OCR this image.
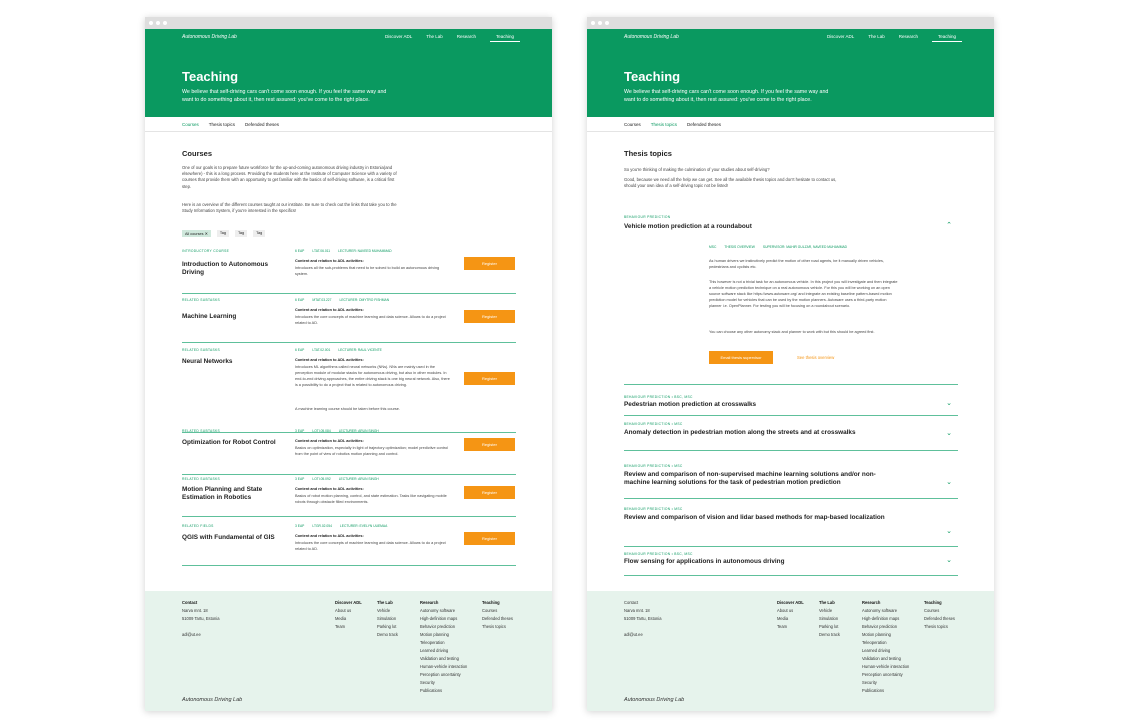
Autonomous Driving Lab	Discover ADL	The Lab	Research	Teaching
Teaching
We believe that self-driving cars can't come soon enough. If you feel the same way and want to do something about it, then rest assured: you've come to the right place.
Courses Thesis topics Defended theses
Courses
One of our goals is to prepare future workforce for the up-and-coming autonomous driving industry in Estonia(and elsewhere) - this is a long process. Providing the students here at the Institute of Computer Science with a variety of courses that provide them with an opportunity to get familiar with the basics of self-driving software, is a critical first step.
Here is an overview of the different courses taught at our institute. Be sure to check out the links that take you to the Study Information System, if you're interested in the specifics!
All courses ✕	Tag	Tag	Tag
INTRODUCTORY COURSE
Introduction to Autonomous Driving
6 EAP LTAT.06.011 LECTURER: NAVEED MUHAMMAD
Content and relation to ADL activities:
Introduces all the sub-problems that need to be solved to build an autonomous driving system.
Register
RELATED SUBTASKS
Machine Learning
6 EAP MTAT.03.227 LECTURER: DMYTRO FISHMAN
Content and relation to ADL activities:
Introduces the core concepts of machine learning and data science. Allows to do a project related to AD.
Register
RELATED SUBTASKS
Neural Networks
6 EAP LTAT.02.001 LECTURER: RAUL VICENTE
Content and relation to ADL activities:
Introduces ML algorithms called neural networks (NNs). NNs are mainly used in the perception module of modular stacks for autonomous driving, but also in other modules. In end-to-end driving approaches, the entire driving stack is one big neural network. Also, there is a possibility to do a project that is related to autonomous driving.
A machine learning course should be taken before this course.
Register
RELATED SUBTASKS
Optimization for Robot Control
3 EAP LOTI.05.084 LECTURER: ARUN SINGH
Content and relation to ADL activities:
Basics on optimization, especially in light of trajectory optimization; model predictive control from the point of view of robotics motion planning and control.
Register
RELATED SUBTASKS
Motion Planning and State Estimation in Robotics
3 EAP LOTI.05.092 LECTURER: ARUN SINGH
Content and relation to ADL activities:
Basics of robot motion planning, control, and state estimation. Tasks like navigating mobile robots through obstacle filled environments.
Register
RELATED FIELDS
QGIS with Fundamental of GIS
3 EAP LTGR.02.054 LECTURER: EVELYN UUEMAA
Content and relation to ADL activities:
Introduces the core concepts of machine learning and data science. Allows to do a project related to AD.
Register
Contact
Narva mnt. 18
51009 Tartu, Estonia

adl@ut.ee
Discover ADL
About us
Media
Team
The Lab
Vehicle
Simulation
Parking lot
Demo track
Research
Autonomy software
High-definition maps
Behavior prediction
Motion planning
Teleoperation
Learned driving
Validation and testing
Human-vehicle interaction
Perception uncertainty
Security
Publications
Teaching
Courses
Defended theses
Thesis topics
Autonomous Driving Lab
Autonomous Driving Lab	Discover ADL	The Lab	Research	Teaching
Teaching
We believe that self-driving cars can't come soon enough. If you feel the same way and want to do something about it, then rest assured: you've come to the right place.
Courses Thesis topics Defended theses
Thesis topics
So you're thinking of making the culmination of your studies about self-driving?
Good, because we need all the help we can get. See all the available thesis topics and don't hesitate to contact us, should your own idea of a self-driving topic not be listed!
BEHAVIOUR PREDICTION
Vehicle motion prediction at a roundabout	⌃
MSC THESIS OVERVIEW SUPERVISOR: MAHIR GULZAR, NAVEED MUHAMMAD
As human drivers we instinctively predict the motion of other road agents, be it manually driven vehicles, pedestrians and cyclists etc.
This however is not a trivial task for an autonomous vehicle. In this project you will investigate and then integrate a vehicle motion prediction technique on a real autonomous vehicle. For this you will be working on an open source software stack like https://www.autoware.org/ and integrate an existing baseline pattern-based motion prediction model for vehicles that can be used by the motion planners. Autoware uses a third-party motion planner i.e. OpenPlanner. For testing you will be focusing on a roundabout scenario.
You can choose any other autonomy stack and planner to work with but this should be agreed first.
Email thesis supervisor	See thesis overview
BEHAVIOUR PREDICTION • BSC, MSC
Pedestrian motion prediction at crosswalks	⌄
BEHAVIOUR PREDICTION • MSC
Anomaly detection in pedestrian motion along the streets and at crosswalks	⌄
BEHAVIOUR PREDICTION • MSC
Review and comparison of non-supervised machine learning solutions and/or non-machine learning solutions for the task of pedestrian motion prediction	⌄
BEHAVIOUR PREDICTION • MSC
Review and comparison of vision and lidar based methods for map-based localization
⌄
BEHAVIOUR PREDICTION • BSC, MSC
Flow sensing for applications in autonomous driving	⌄
Contact
Narva mnt. 18
51009 Tartu, Estonia

adl@ut.ee
Discover ADL
About us
Media
Team
The Lab
Vehicle
Simulation
Parking lot
Demo track
Research
Autonomy software
High-definition maps
Behavior prediction
Motion planning
Teleoperation
Learned driving
Validation and testing
Human-vehicle interaction
Perception uncertainty
Security
Publications
Teaching
Courses
Defended theses
Thesis topics
Autonomous Driving Lab
